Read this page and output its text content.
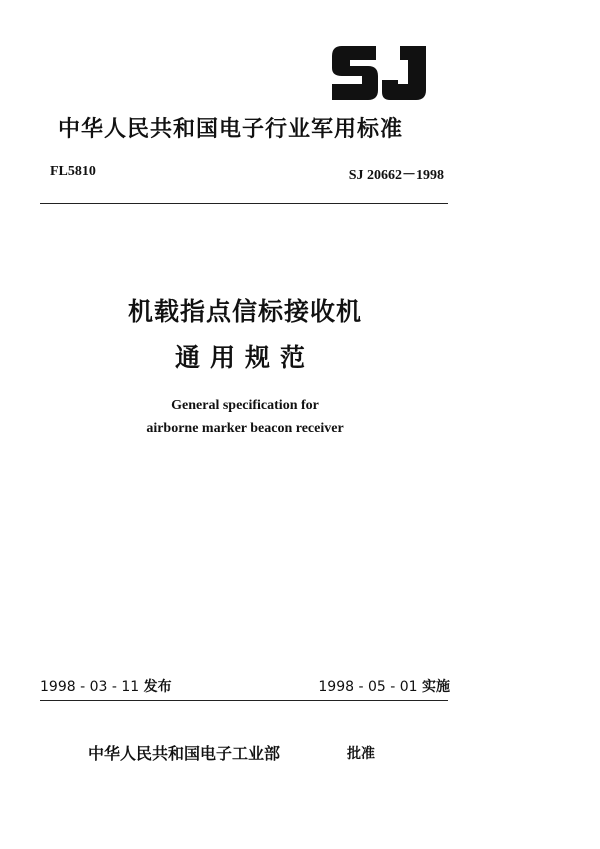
中华人民共和国电子行业军用标准
FL5810	SJ 20662－1998
机载指点信标接收机
通用规范
General specification for
airborne marker beacon receiver
1998 - 03 - 11 发布	1998 - 05 - 01 实施
中华人民共和国电子工业部	批准
